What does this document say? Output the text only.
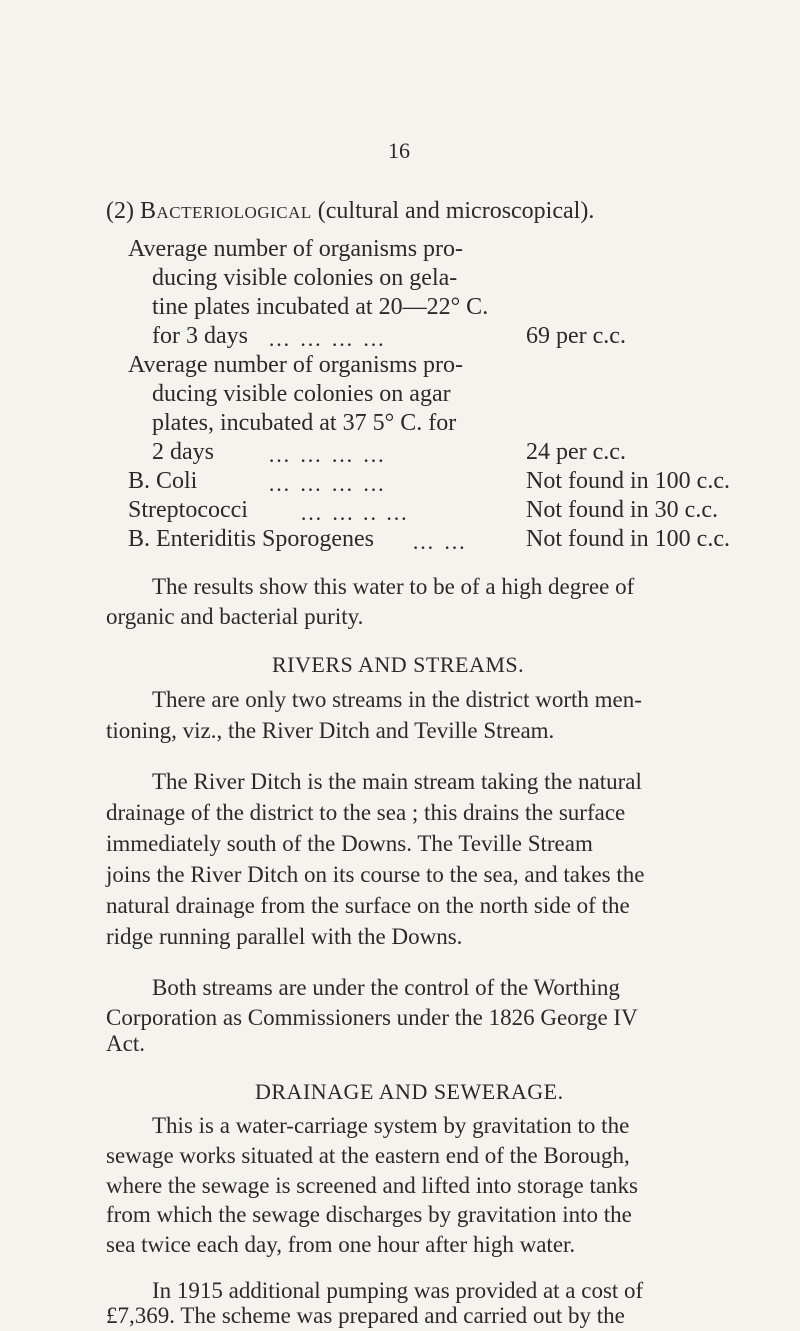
16
(2) Bacteriological (cultural and microscopical).
Average number of organisms pro-
ducing visible colonies on gela-
tine plates incubated at 20—22° C.
for 3 days … … … …	69 per c.c.
Average number of organisms pro-
ducing visible colonies on agar
plates, incubated at 37 5° C. for
2 days … … … …	24 per c.c.
B. Coli	… … … …	Not found in 100 c.c.
Streptococci … … .. …	Not found in 30 c.c.
B. Enteriditis Sporogenes … … Not found in 100 c.c.
The results show this water to be of a high degree of
organic and bacterial purity.
RIVERS AND STREAMS.
There are only two streams in the district worth men-
tioning, viz., the River Ditch and Teville Stream.
The River Ditch is the main stream taking the natural
drainage of the district to the sea ; this drains the surface
immediately south of the Downs. The Teville Stream
joins the River Ditch on its course to the sea, and takes the
natural drainage from the surface on the north side of the
ridge running parallel with the Downs.
Both streams are under the control of the Worthing
Corporation as Commissioners under the 1826 George IV
Act.
DRAINAGE AND SEWERAGE.
This is a water-carriage system by gravitation to the
sewage works situated at the eastern end of the Borough,
where the sewage is screened and lifted into storage tanks
from which the sewage discharges by gravitation into the
sea twice each day, from one hour after high water.
In 1915 additional pumping was provided at a cost of
£7,369. The scheme was prepared and carried out by the
